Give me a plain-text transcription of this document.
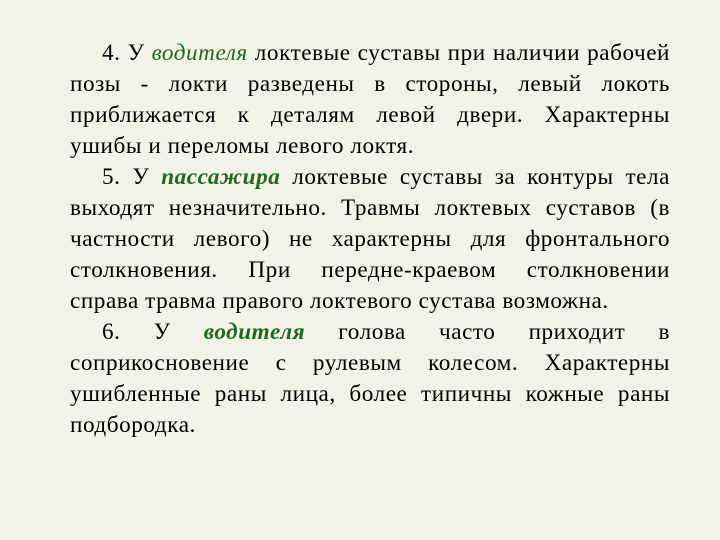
4. У водителя локтевые суставы при наличии рабочей позы - локти разведены в стороны, левый локоть приближается к деталям левой двери. Характерны ушибы и переломы левого локтя.

5. У пассажира локтевые суставы за контуры тела выходят незначительно. Травмы локтевых суставов (в частности левого) не характерны для фронтального столкновения. При передне-краевом столкновении справа травма правого локтевого сустава возможна.

6. У водителя голова часто приходит в соприкосновение с рулевым колесом. Характерны ушибленные раны лица, более типичны кожные раны подбородка.
